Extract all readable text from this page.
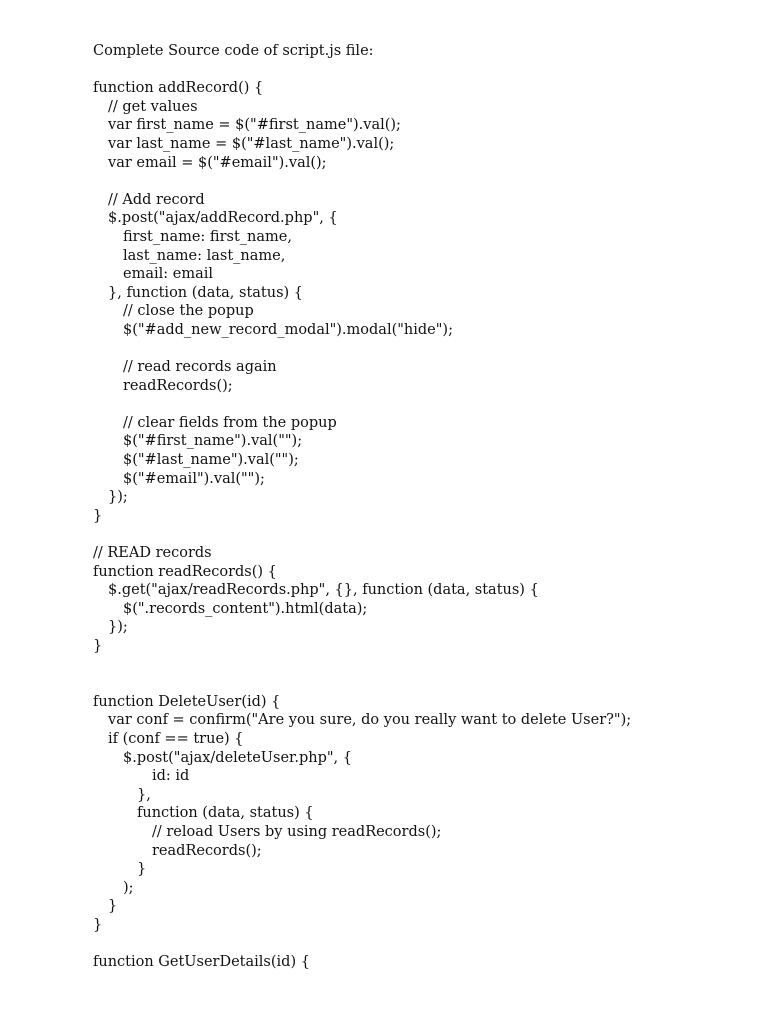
Complete Source code of script.js file:
function addRecord() {
// get values
var first_name = $("#first_name").val();
var last_name = $("#last_name").val();
var email = $("#email").val();
// Add record
$.post("ajax/addRecord.php", {
first_name: first_name,
last_name: last_name,
email: email
}, function (data, status) {
// close the popup
$("#add_new_record_modal").modal("hide");
// read records again
readRecords();
// clear fields from the popup
$("#first_name").val("");
$("#last_name").val("");
$("#email").val("");
});
}
// READ records
function readRecords() {
$.get("ajax/readRecords.php", {}, function (data, status) {
$(".records_content").html(data);
});
}
function DeleteUser(id) {
var conf = confirm("Are you sure, do you really want to delete User?");
if (conf == true) {
$.post("ajax/deleteUser.php", {
id: id
},
function (data, status) {
// reload Users by using readRecords();
readRecords();
}
);
}
}
function GetUserDetails(id) {
